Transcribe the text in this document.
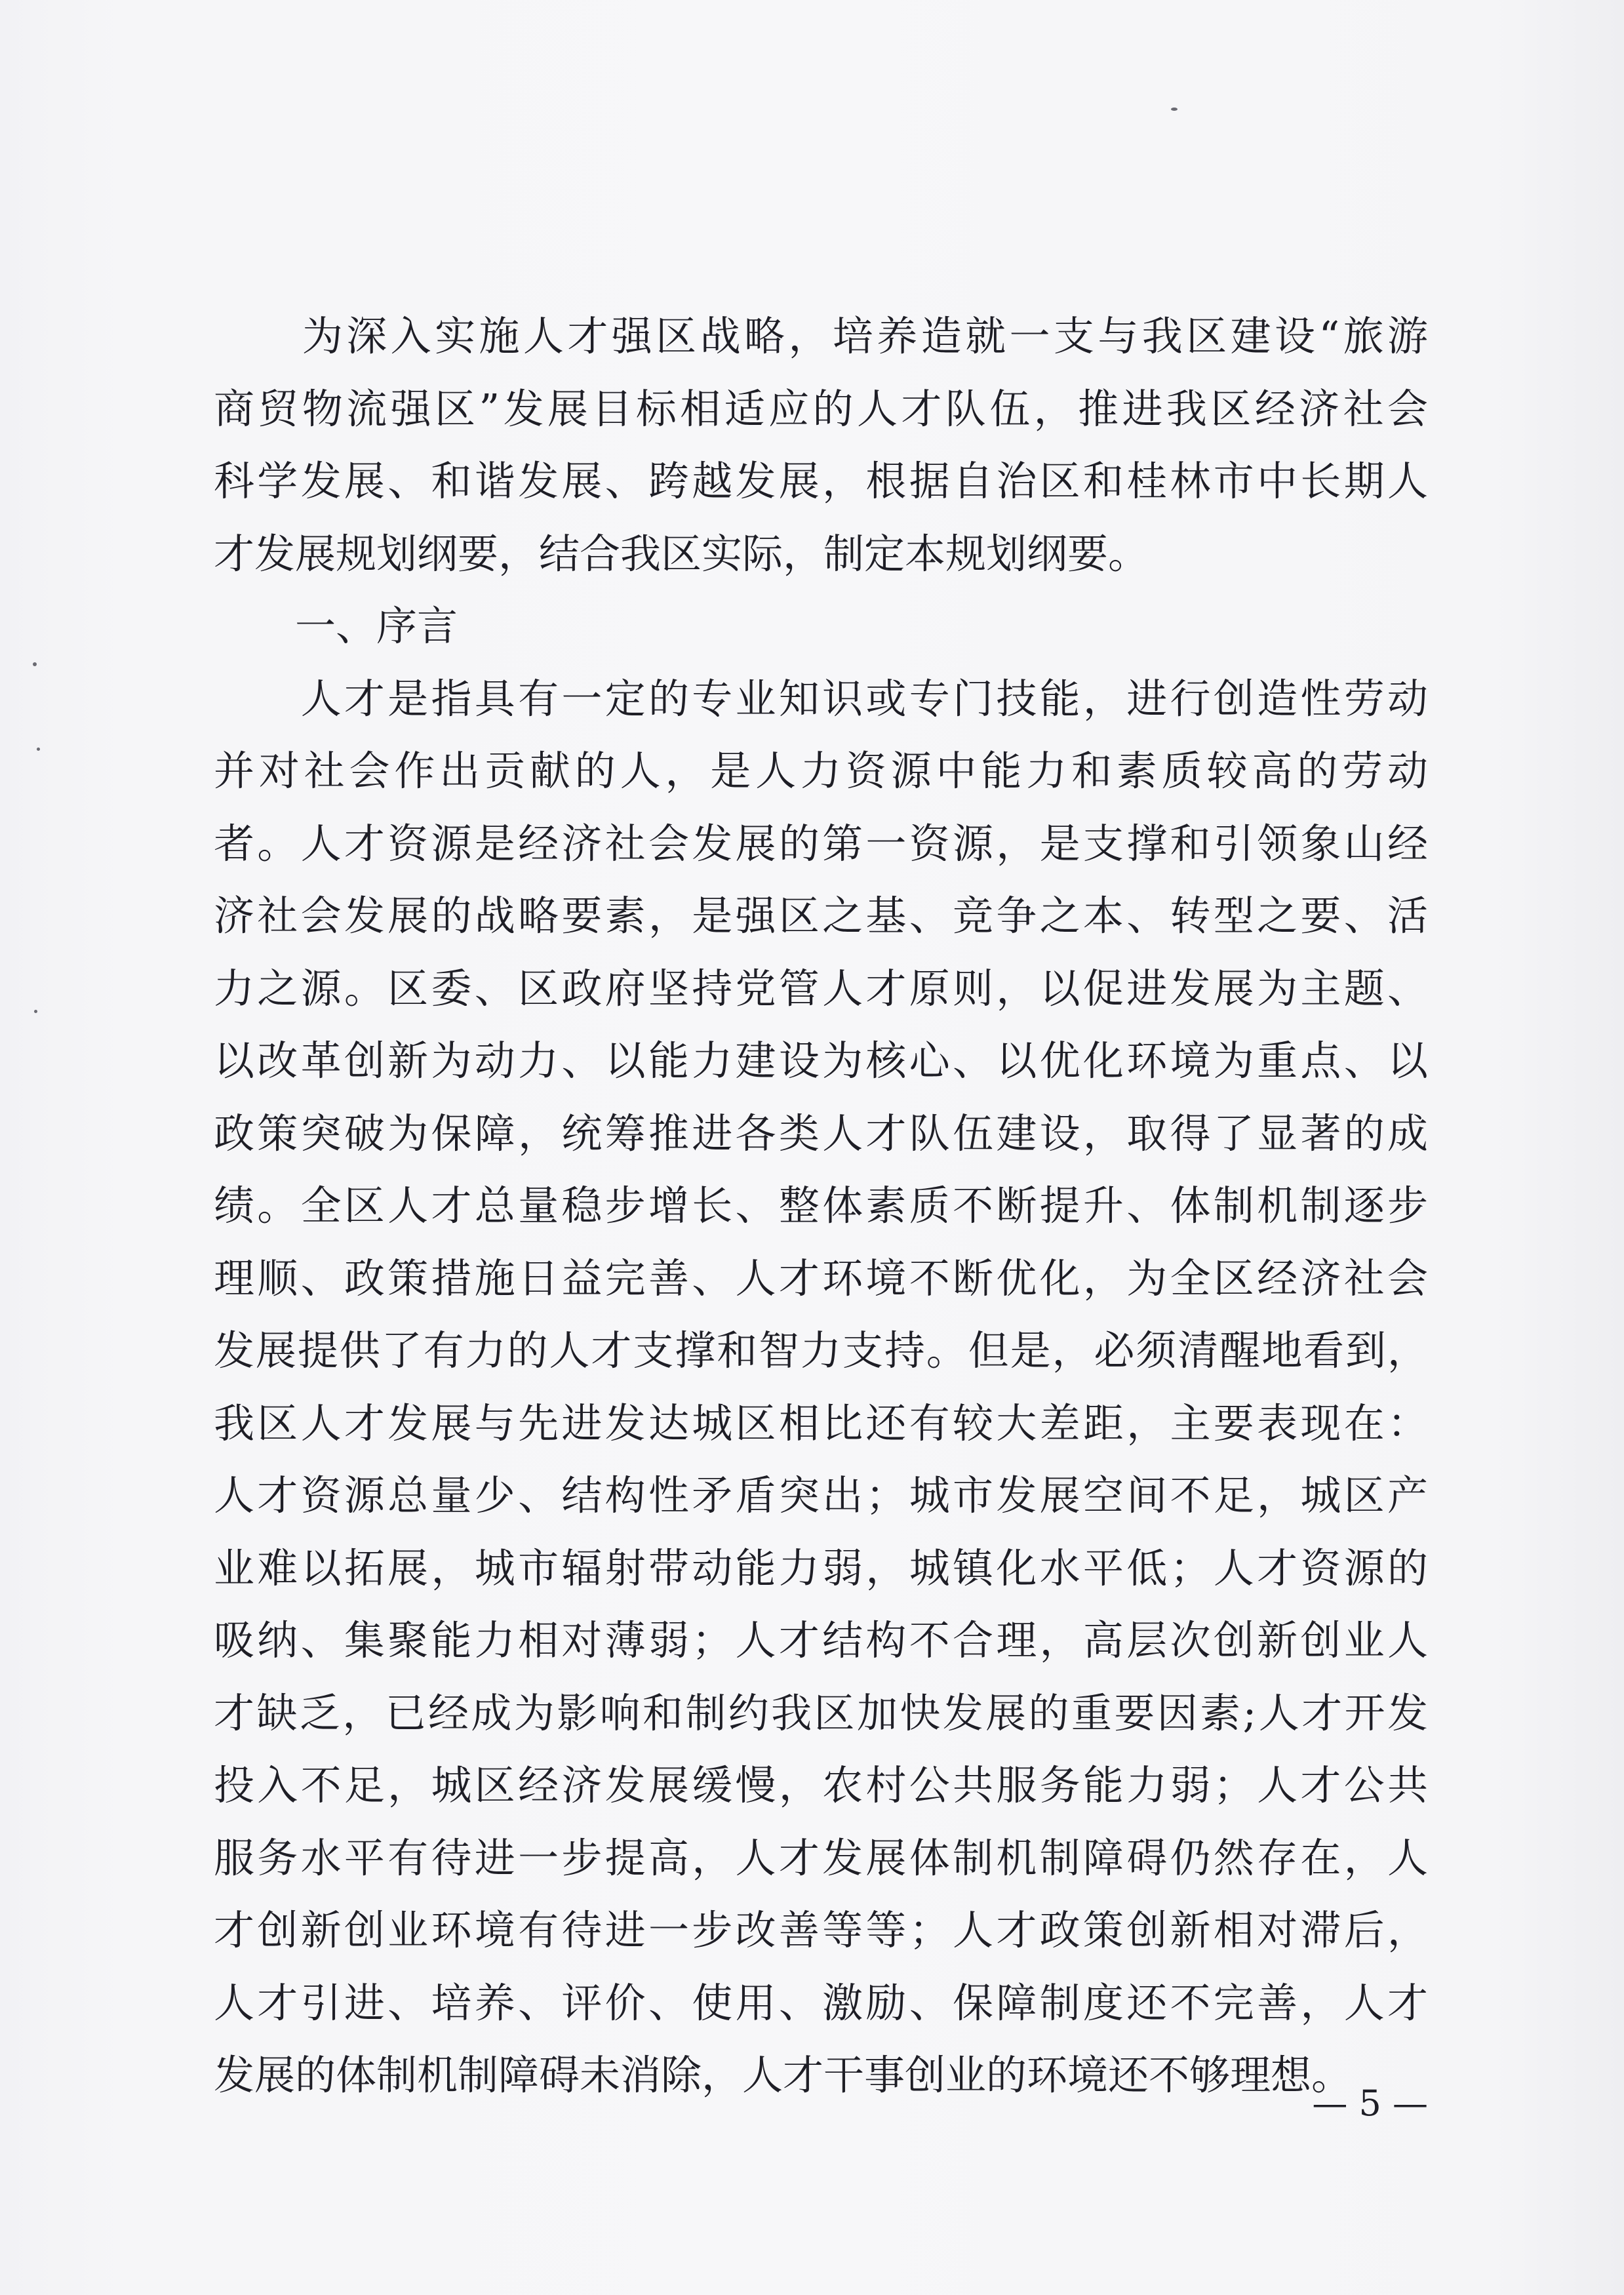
　　为深入实施人才强区战略，培养造就一支与我区建设“旅游
商贸物流强区”发展目标相适应的人才队伍，推进我区经济社会
科学发展、和谐发展、跨越发展，根据自治区和桂林市中长期人
才发展规划纲要，结合我区实际，制定本规划纲要。
　　一、序言
　　人才是指具有一定的专业知识或专门技能，进行创造性劳动
并对社会作出贡献的人，是人力资源中能力和素质较高的劳动
者。人才资源是经济社会发展的第一资源，是支撑和引领象山经
济社会发展的战略要素，是强区之基、竞争之本、转型之要、活
力之源。区委、区政府坚持党管人才原则，以促进发展为主题、
以改革创新为动力、以能力建设为核心、以优化环境为重点、以
政策突破为保障，统筹推进各类人才队伍建设，取得了显著的成
绩。全区人才总量稳步增长、整体素质不断提升、体制机制逐步
理顺、政策措施日益完善、人才环境不断优化，为全区经济社会
发展提供了有力的人才支撑和智力支持。但是，必须清醒地看到，
我区人才发展与先进发达城区相比还有较大差距，主要表现在：
人才资源总量少、结构性矛盾突出；城市发展空间不足，城区产
业难以拓展，城市辐射带动能力弱，城镇化水平低；人才资源的
吸纳、集聚能力相对薄弱；人才结构不合理，高层次创新创业人
才缺乏，已经成为影响和制约我区加快发展的重要因素;人才开发
投入不足，城区经济发展缓慢，农村公共服务能力弱；人才公共
服务水平有待进一步提高，人才发展体制机制障碍仍然存在，人
才创新创业环境有待进一步改善等等；人才政策创新相对滞后，
人才引进、培养、评价、使用、激励、保障制度还不完善，人才
发展的体制机制障碍未消除，人才干事创业的环境还不够理想。
— 5 —
